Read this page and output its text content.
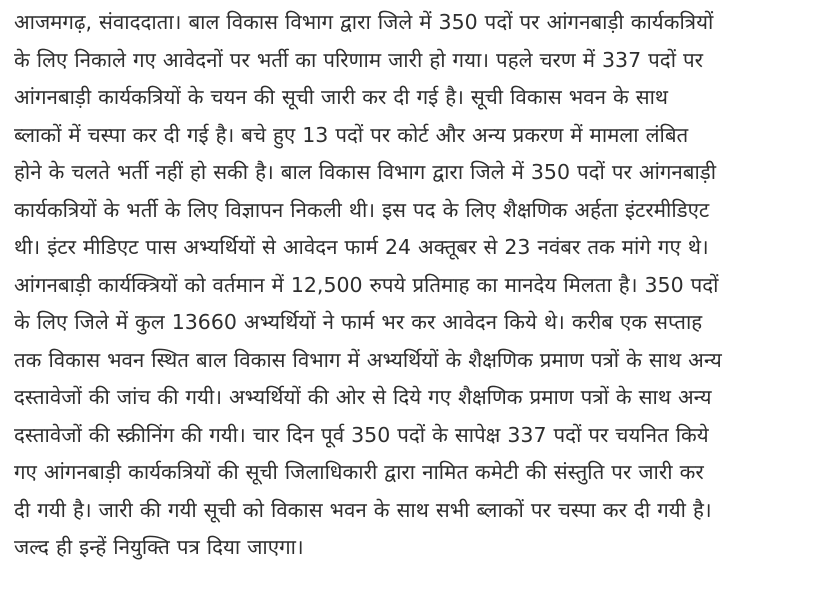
आजमगढ़, संवाददाता। बाल विकास विभाग द्वारा जिले में 350 पदों पर आंगनबाड़ी कार्यकत्रियों
के लिए निकाले गए आवेदनों पर भर्ती का परिणाम जारी हो गया। पहले चरण में 337 पदों पर
आंगनबाड़ी कार्यकत्रियों के चयन की सूची जारी कर दी गई है। सूची विकास भवन के साथ
ब्लाकों में चस्पा कर दी गई है। बचे हुए 13 पदों पर कोर्ट और अन्य प्रकरण में मामला लंबित
होने के चलते भर्ती नहीं हो सकी है। बाल विकास विभाग द्वारा जिले में 350 पदों पर आंगनबाड़ी
कार्यकत्रियों के भर्ती के लिए विज्ञापन निकली थी। इस पद के लिए शैक्षणिक अर्हता इंटरमीडिएट
थी। इंटर मीडिएट पास अभ्यर्थियों से आवेदन फार्म 24 अक्तूबर से 23 नवंबर तक मांगे गए थे।
आंगनबाड़ी कार्यक्त्रियों को वर्तमान में 12,500 रुपये प्रतिमाह का मानदेय मिलता है। 350 पदों
के लिए जिले में कुल 13660 अभ्यर्थियों ने फार्म भर कर आवेदन किये थे। करीब एक सप्ताह
तक विकास भवन स्थित बाल विकास विभाग में अभ्यर्थियों के शैक्षणिक प्रमाण पत्रों के साथ अन्य
दस्तावेजों की जांच की गयी। अभ्यर्थियों की ओर से दिये गए शैक्षणिक प्रमाण पत्रों के साथ अन्य
दस्तावेजों की स्क्रीनिंग की गयी। चार दिन पूर्व 350 पदों के सापेक्ष 337 पदों पर चयनित किये
गए आंगनबाड़ी कार्यकत्रियों की सूची जिलाधिकारी द्वारा नामित कमेटी की संस्तुति पर जारी कर
दी गयी है। जारी की गयी सूची को विकास भवन के साथ सभी ब्लाकों पर चस्पा कर दी गयी है।
जल्द ही इन्हें नियुक्ति पत्र दिया जाएगा।
